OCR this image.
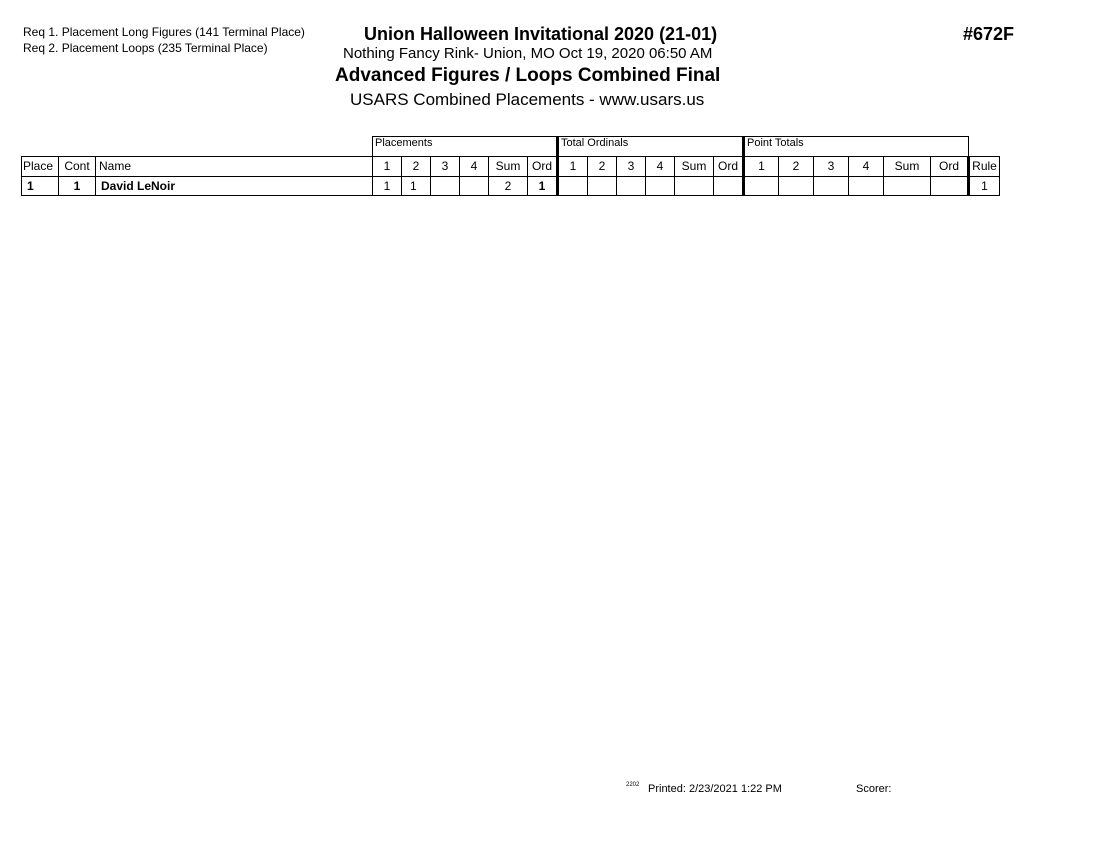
Req 1. Placement Long Figures (141 Terminal Place)
Req 2. Placement Loops (235 Terminal Place)
Union Halloween Invitational 2020 (21-01)
Nothing Fancy Rink- Union, MO Oct 19, 2020 06:50 AM
Advanced Figures / Loops Combined Final
USARS Combined Placements - www.usars.us
#672F
			Placements						Total Ordinals						Point Totals						
Place	Cont	Name	1	2	3	4	Sum	Ord	1	2	3	4	Sum	Ord	1	2	3	4	Sum	Ord	Rule
1	1	David LeNoir	1	1			2	1													1
2202 Printed: 2/23/2021 1:22 PM	Scorer:
